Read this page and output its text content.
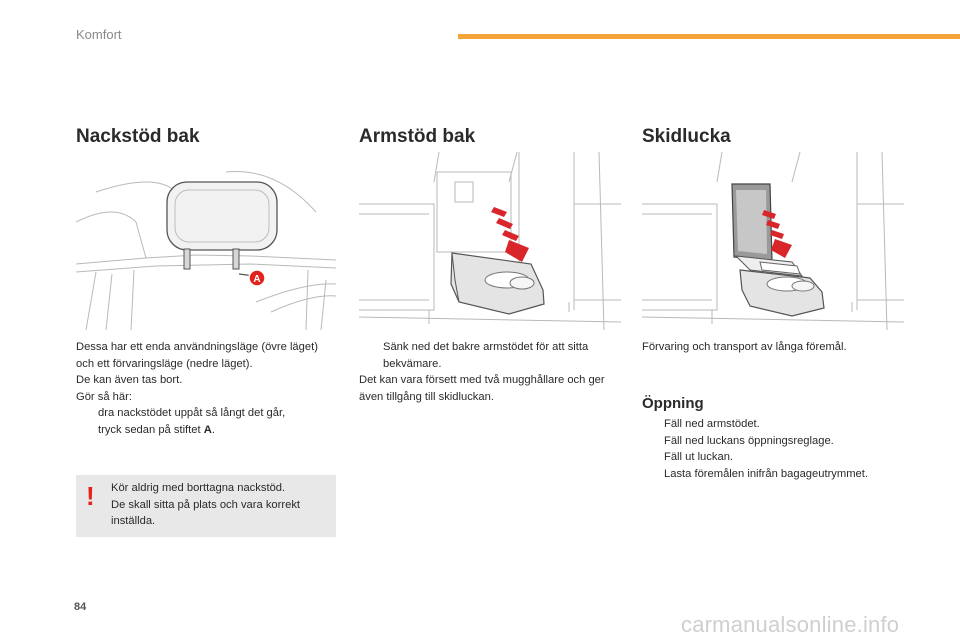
Komfort
Nackstöd bak
A

Dessa har ett enda användningsläge (övre läget) och ett förvaringsläge (nedre läget).

De kan även tas bort.

Gör så här:

dra nackstödet uppåt så långt det går,
tryck sedan på stiftet A.
! Kör aldrig med borttagna nackstöd.
De skall sitta på plats och vara korrekt inställda.
Armstöd bak
Sänk ned det bakre armstödet för att sitta bekvämare.

Det kan vara försett med två mugghållare och ger även tillgång till skidluckan.

Skidlucka

Förvaring och transport av långa föremål.

Öppning
Fäll ned armstödet.
Fäll ned luckans öppningsreglage.
Fäll ut luckan.
Lasta föremålen inifrån bagageutrymmet.
84
carmanualsonline.info
